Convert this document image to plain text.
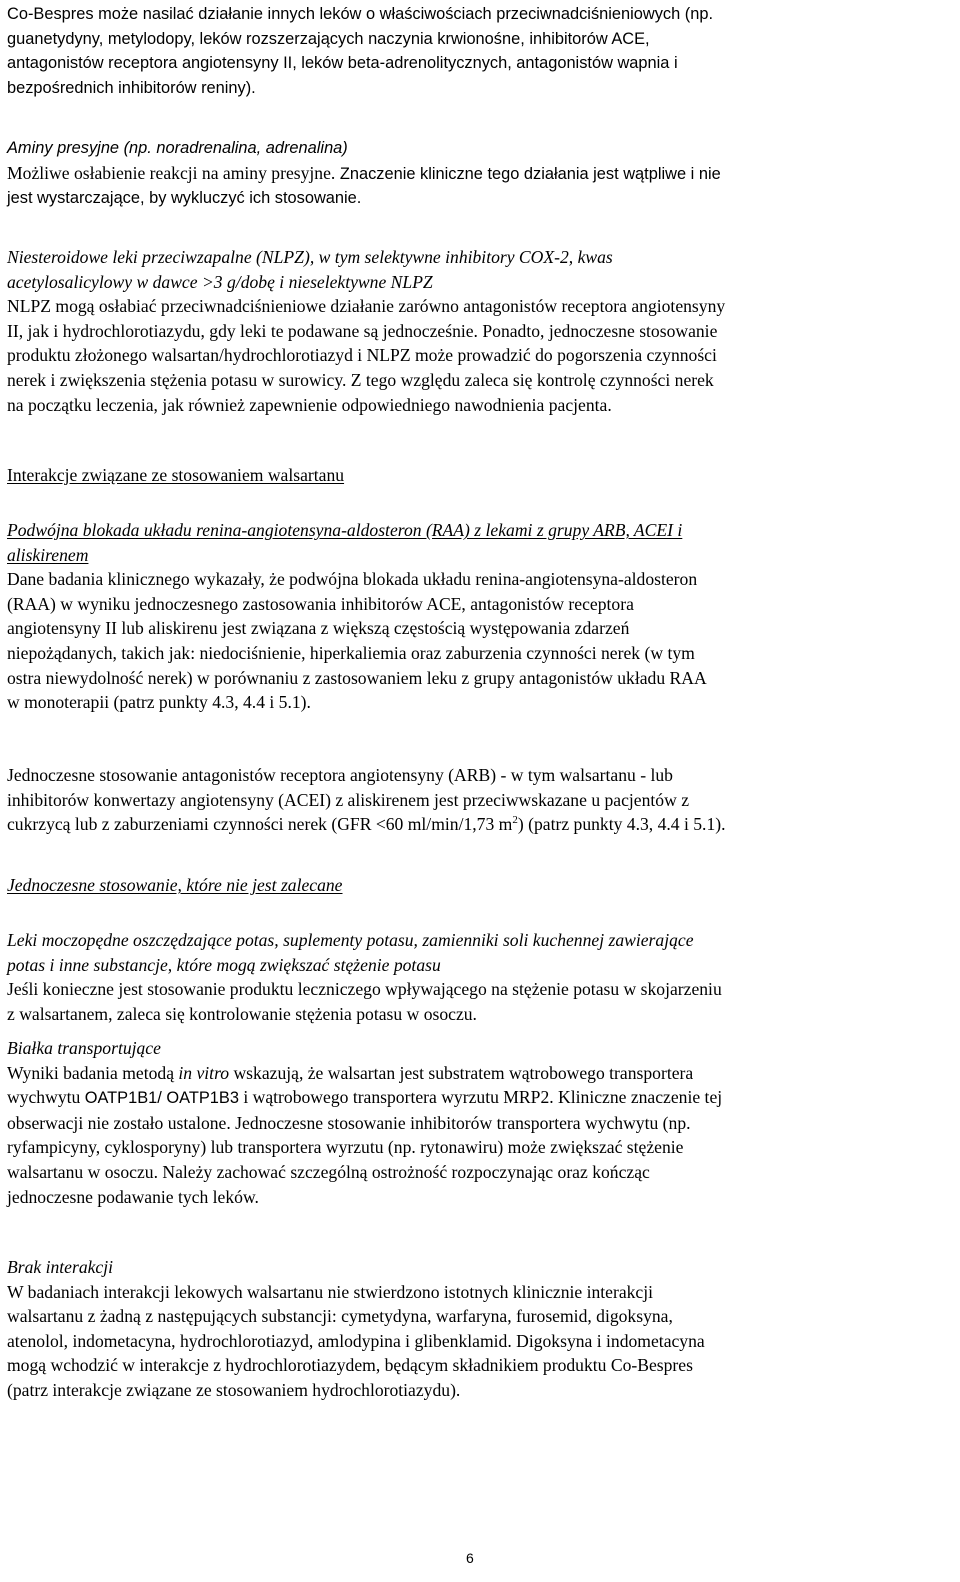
Co-Bespres może nasilać działanie innych leków o właściwościach przeciwnadciśnieniowych (np.

guanetydyny, metylodopy, leków rozszerzających naczynia krwionośne, inhibitorów ACE,

antagonistów receptora angiotensyny II, leków beta-adrenolitycznych, antagonistów wapnia i

bezpośrednich inhibitorów reniny).

Aminy presyjne (np. noradrenalina, adrenalina)

Możliwe osłabienie reakcji na aminy presyjne. Znaczenie kliniczne tego działania jest wątpliwe i nie

jest wystarczające, by wykluczyć ich stosowanie.

Niesteroidowe leki przeciwzapalne (NLPZ), w tym selektywne inhibitory COX-2, kwas

acetylosalicylowy w dawce >3 g/dobę i nieselektywne NLPZ

NLPZ mogą osłabiać przeciwnadciśnieniowe działanie zarówno antagonistów receptora angiotensyny

II, jak i hydrochlorotiazydu, gdy leki te podawane są jednocześnie. Ponadto, jednoczesne stosowanie

produktu złożonego walsartan/hydrochlorotiazyd i NLPZ może prowadzić do pogorszenia czynności

nerek i zwiększenia stężenia potasu w surowicy. Z tego względu zaleca się kontrolę czynności nerek

na początku leczenia, jak również zapewnienie odpowiedniego nawodnienia pacjenta.

Interakcje związane ze stosowaniem walsartanu

Podwójna blokada układu renina-angiotensyna-aldosteron (RAA) z lekami z grupy ARB, ACEI i

aliskirenem

Dane badania klinicznego wykazały, że podwójna blokada układu renina-angiotensyna-aldosteron

(RAA) w wyniku jednoczesnego zastosowania inhibitorów ACE, antagonistów receptora

angiotensyny II lub aliskirenu jest związana z większą częstością występowania zdarzeń

niepożądanych, takich jak: niedociśnienie, hiperkaliemia oraz zaburzenia czynności nerek (w tym

ostra niewydolność nerek) w porównaniu z zastosowaniem leku z grupy antagonistów układu RAA

w monoterapii (patrz punkty 4.3, 4.4 i 5.1).

Jednoczesne stosowanie antagonistów receptora angiotensyny (ARB) - w tym walsartanu - lub

inhibitorów konwertazy angiotensyny (ACEI) z aliskirenem jest przeciwwskazane u pacjentów z

cukrzycą lub z zaburzeniami czynności nerek (GFR <60 ml/min/1,73 $m^2$) (patrz punkty 4.3, 4.4 i 5.1).

Jednoczesne stosowanie, które nie jest zalecane

Leki moczopędne oszczędzające potas, suplementy potasu, zamienniki soli kuchennej zawierające

potas i inne substancje, które mogą zwiększać stężenie potasu

Jeśli konieczne jest stosowanie produktu leczniczego wpływającego na stężenie potasu w skojarzeniu

z walsartanem, zaleca się kontrolowanie stężenia potasu w osoczu.

Białka transportujące

Wyniki badania metodą in vitro wskazują, że walsartan jest substratem wątrobowego transportera

wychwytu OATP1B1/ OATP1B3 i wątrobowego transportera wyrzutu MRP2. Kliniczne znaczenie tej

obserwacji nie zostało ustalone. Jednoczesne stosowanie inhibitorów transportera wychwytu (np.

ryfampicyny, cyklosporyny) lub transportera wyrzutu (np. rytonawiru) może zwiększać stężenie

walsartanu w osoczu. Należy zachować szczególną ostrożność rozpoczynając oraz kończąc

jednoczesne podawanie tych leków.

Brak interakcji

W badaniach interakcji lekowych walsartanu nie stwierdzono istotnych klinicznie interakcji

walsartanu z żadną z następujących substancji: cymetydyna, warfaryna, furosemid, digoksyna,

atenolol, indometacyna, hydrochlorotiazyd, amlodypina i glibenklamid. Digoksyna i indometacyna

mogą wchodzić w interakcje z hydrochlorotiazydem, będącym składnikiem produktu Co-Bespres

(patrz interakcje związane ze stosowaniem hydrochlorotiazydu).

6
